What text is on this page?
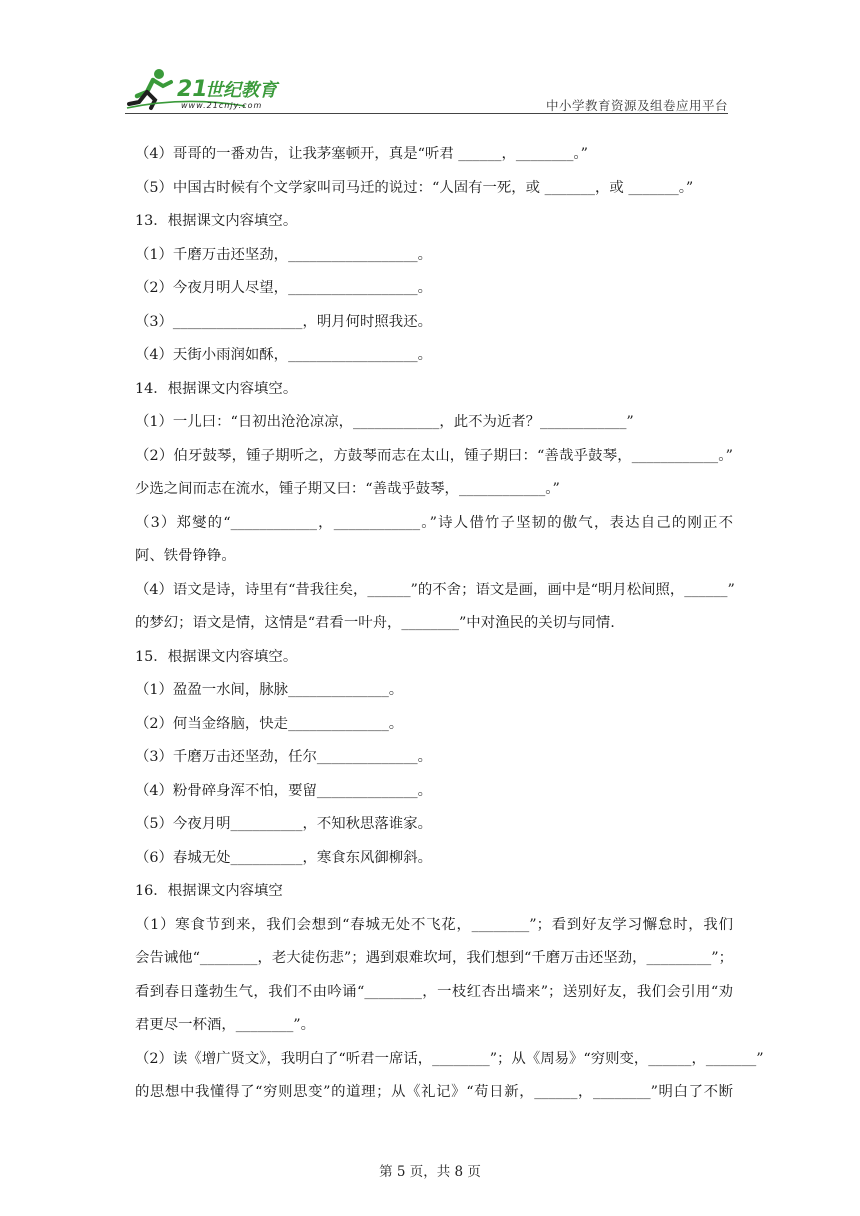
21
世纪教育
www.21cnjy.com	中小学教育资源及组卷应用平台
（4）哥哥的一番劝告，让我茅塞顿开，真是“听君 ______，________。”
（5）中国古时候有个文学家叫司马迁的说过：“人固有一死，或 _______，或 _______。”
13．根据课文内容填空。
（1）千磨万击还坚劲，__________________。
（2）今夜月明人尽望，__________________。
（3）__________________，明月何时照我还。
（4）天街小雨润如酥，__________________。
14．根据课文内容填空。
（1）一儿曰：“日初出沧沧凉凉，____________，此不为近者？____________”
（2）伯牙鼓琴，锺子期听之，方鼓琴而志在太山，锺子期曰：“善哉乎鼓琴，____________。”
少选之间而志在流水，锺子期又曰：“善哉乎鼓琴，____________。”
（3）郑燮的“____________，____________。”诗人借竹子坚韧的傲气，表达自己的刚正不
阿、铁骨铮铮。
（4）语文是诗，诗里有“昔我往矣，______”的不舍；语文是画，画中是“明月松间照，______”
的梦幻；语文是情，这情是“君看一叶舟，________”中对渔民的关切与同情.
15．根据课文内容填空。
（1）盈盈一水间，脉脉______________。
（2）何当金络脑，快走______________。
（3）千磨万击还坚劲，任尔______________。
（4）粉骨碎身浑不怕，要留______________。
（5）今夜月明__________，不知秋思落谁家。
（6）春城无处__________，寒食东风御柳斜。
16．根据课文内容填空
（1）寒食节到来，我们会想到“春城无处不飞花，________”；看到好友学习懈怠时，我们
会告诫他“________，老大徒伤悲”；遇到艰难坎坷，我们想到“千磨万击还坚劲，_________”；
看到春日蓬勃生气，我们不由吟诵“________，一枝红杏出墙来”；送别好友，我们会引用“劝
君更尽一杯酒，________”。
（2）读《增广贤文》，我明白了“听君一席话，________”；从《周易》“穷则变，______，_______”
的思想中我懂得了“穷则思变”的道理；从《礼记》“苟日新，______，________”明白了不断
第 5 页，共 8 页
